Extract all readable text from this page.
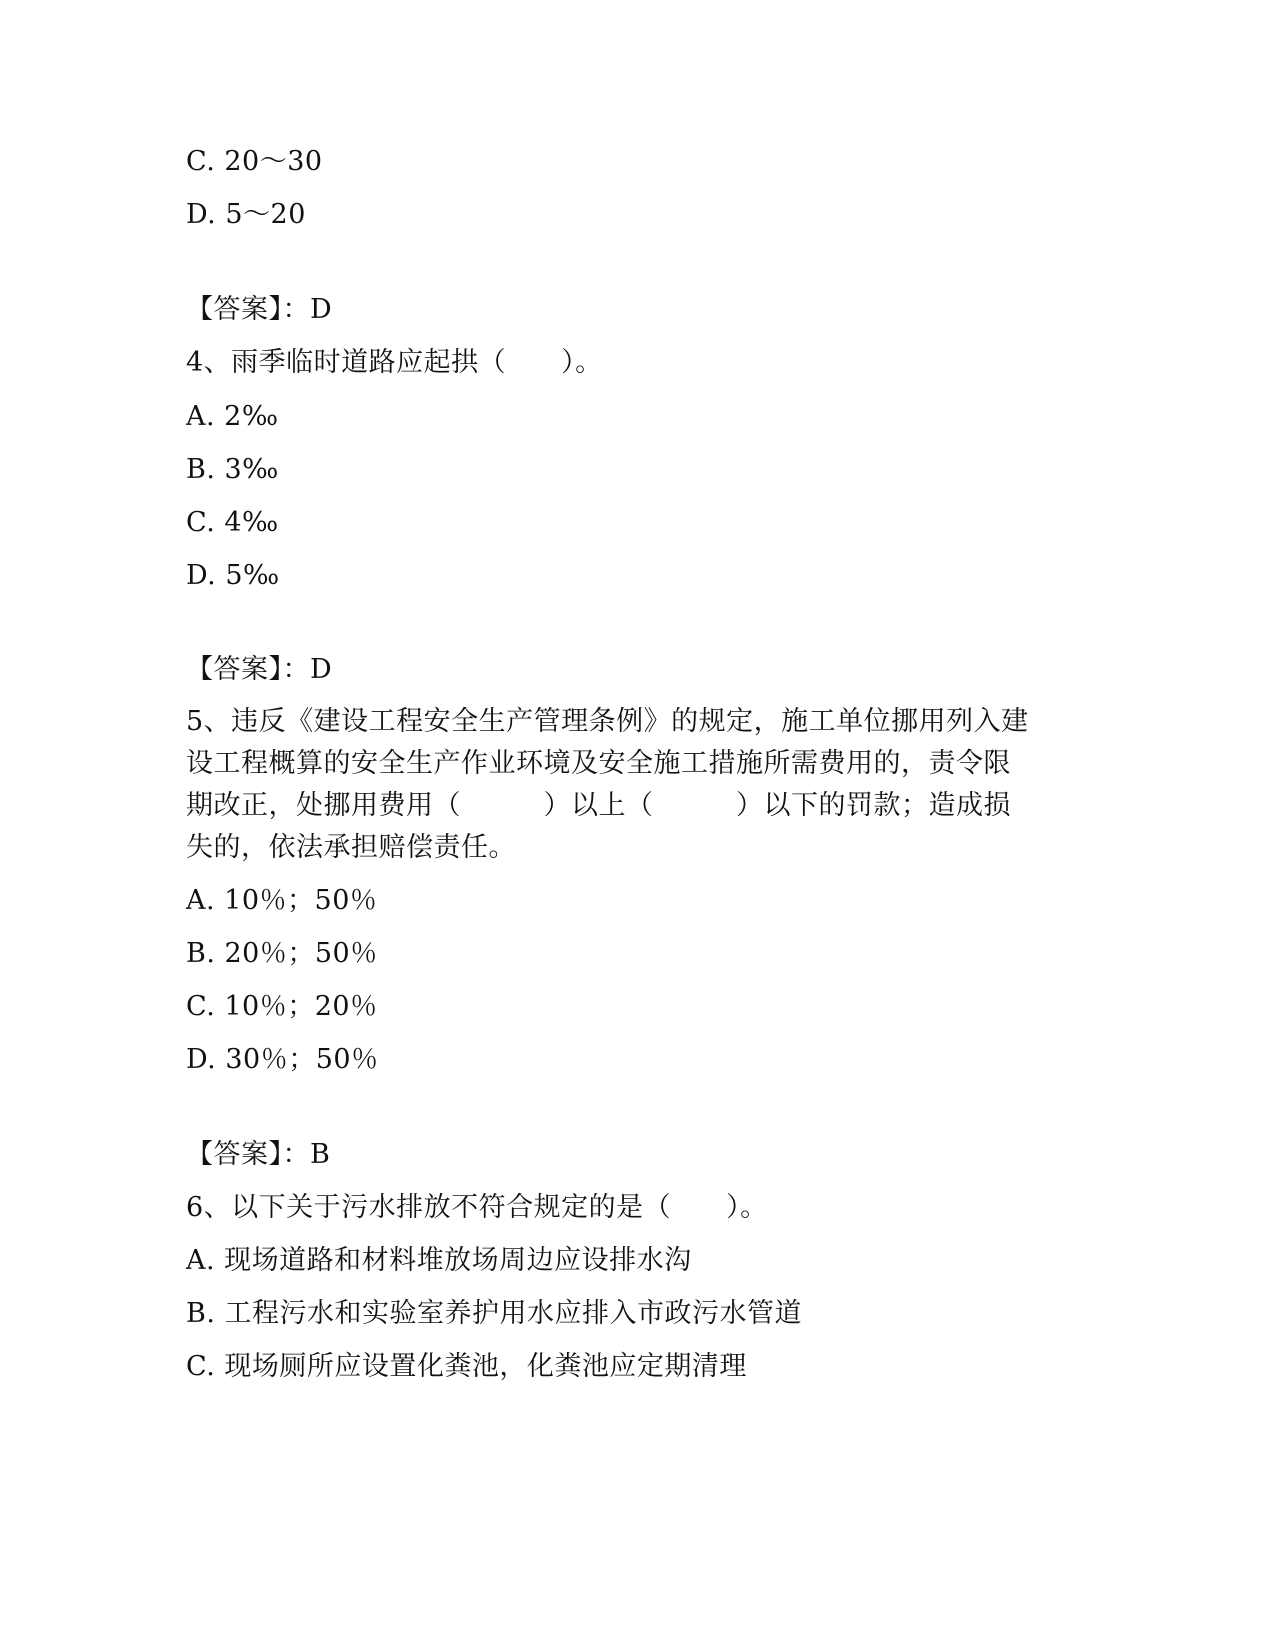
C. 20～30
D. 5～20
【答案】：D
4、雨季临时道路应起拱（　　）。
A. 2‰
B. 3‰
C. 4‰
D. 5‰
【答案】：D
5、违反《建设工程安全生产管理条例》的规定，施工单位挪用列入建
设工程概算的安全生产作业环境及安全施工措施所需费用的，责令限
期改正，处挪用费用（　　　）以上（　　　）以下的罚款；造成损
失的，依法承担赔偿责任。
A. 10％；50％
B. 20％；50％
C. 10％；20％
D. 30％；50％
【答案】：B
6、以下关于污水排放不符合规定的是（　　）。
A. 现场道路和材料堆放场周边应设排水沟
B. 工程污水和实验室养护用水应排入市政污水管道
C. 现场厕所应设置化粪池，化粪池应定期清理
